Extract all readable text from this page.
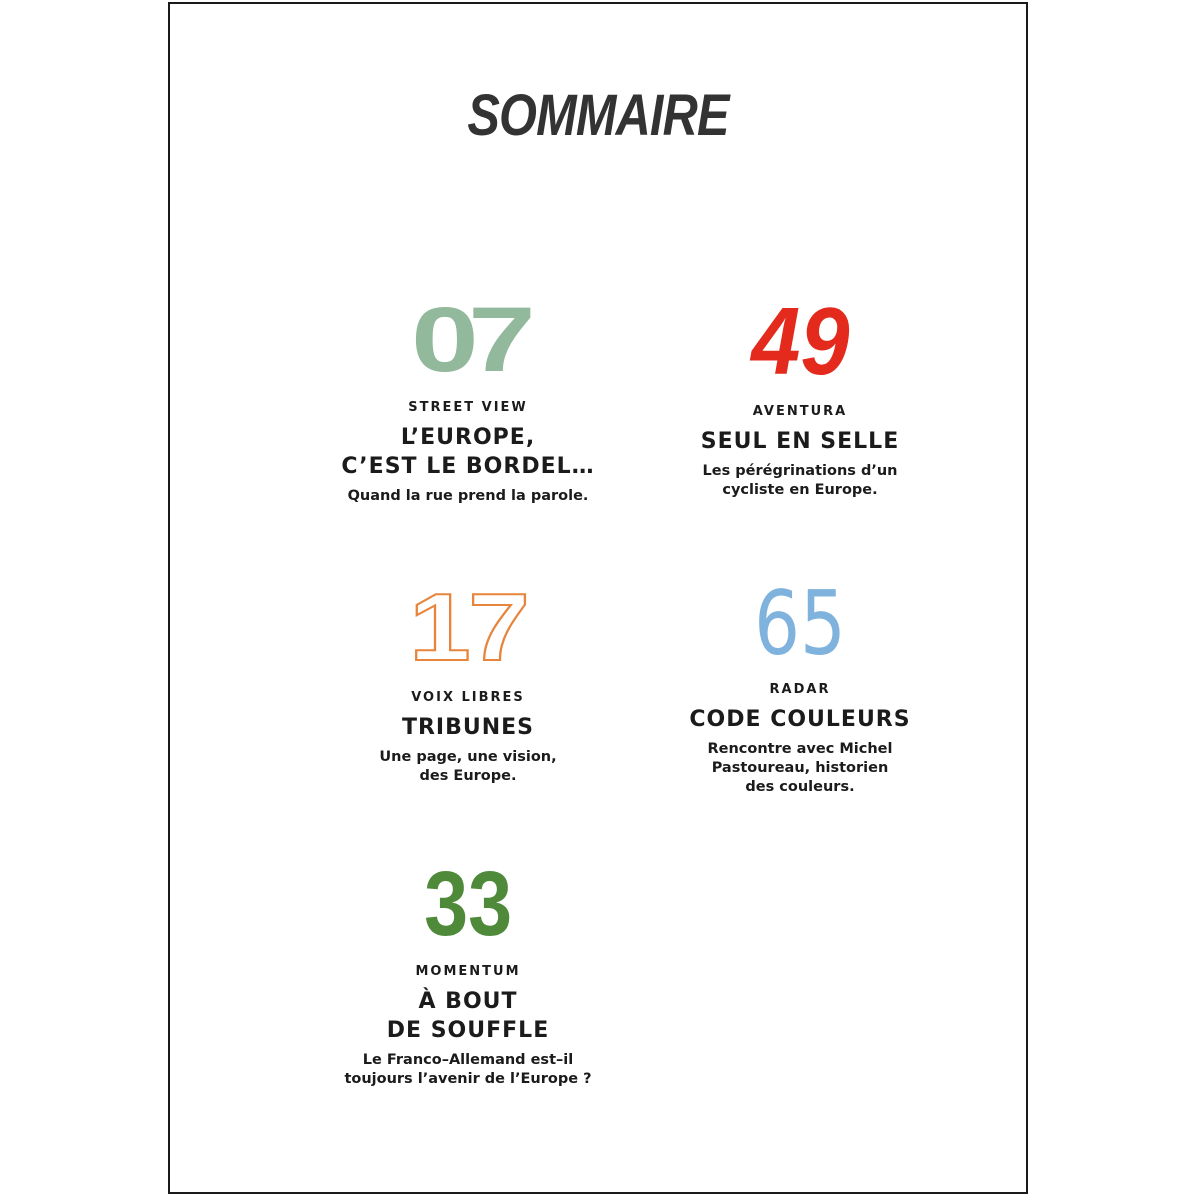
SOMMAIRE
07
STREET VIEW
L’EUROPE,
C’EST LE BORDEL…
Quand la rue prend la parole.
49
AVENTURA
SEUL EN SELLE
Les pérégrinations d’un
cycliste en Europe.
17
VOIX LIBRES
TRIBUNES
Une page, une vision,
des Europe.
65
RADAR
CODE COULEURS
Rencontre avec Michel
Pastoureau, historien
des couleurs.
33
MOMENTUM
À BOUT
DE SOUFFLE
Le Franco–Allemand est–il
toujours l’avenir de l’Europe ?
